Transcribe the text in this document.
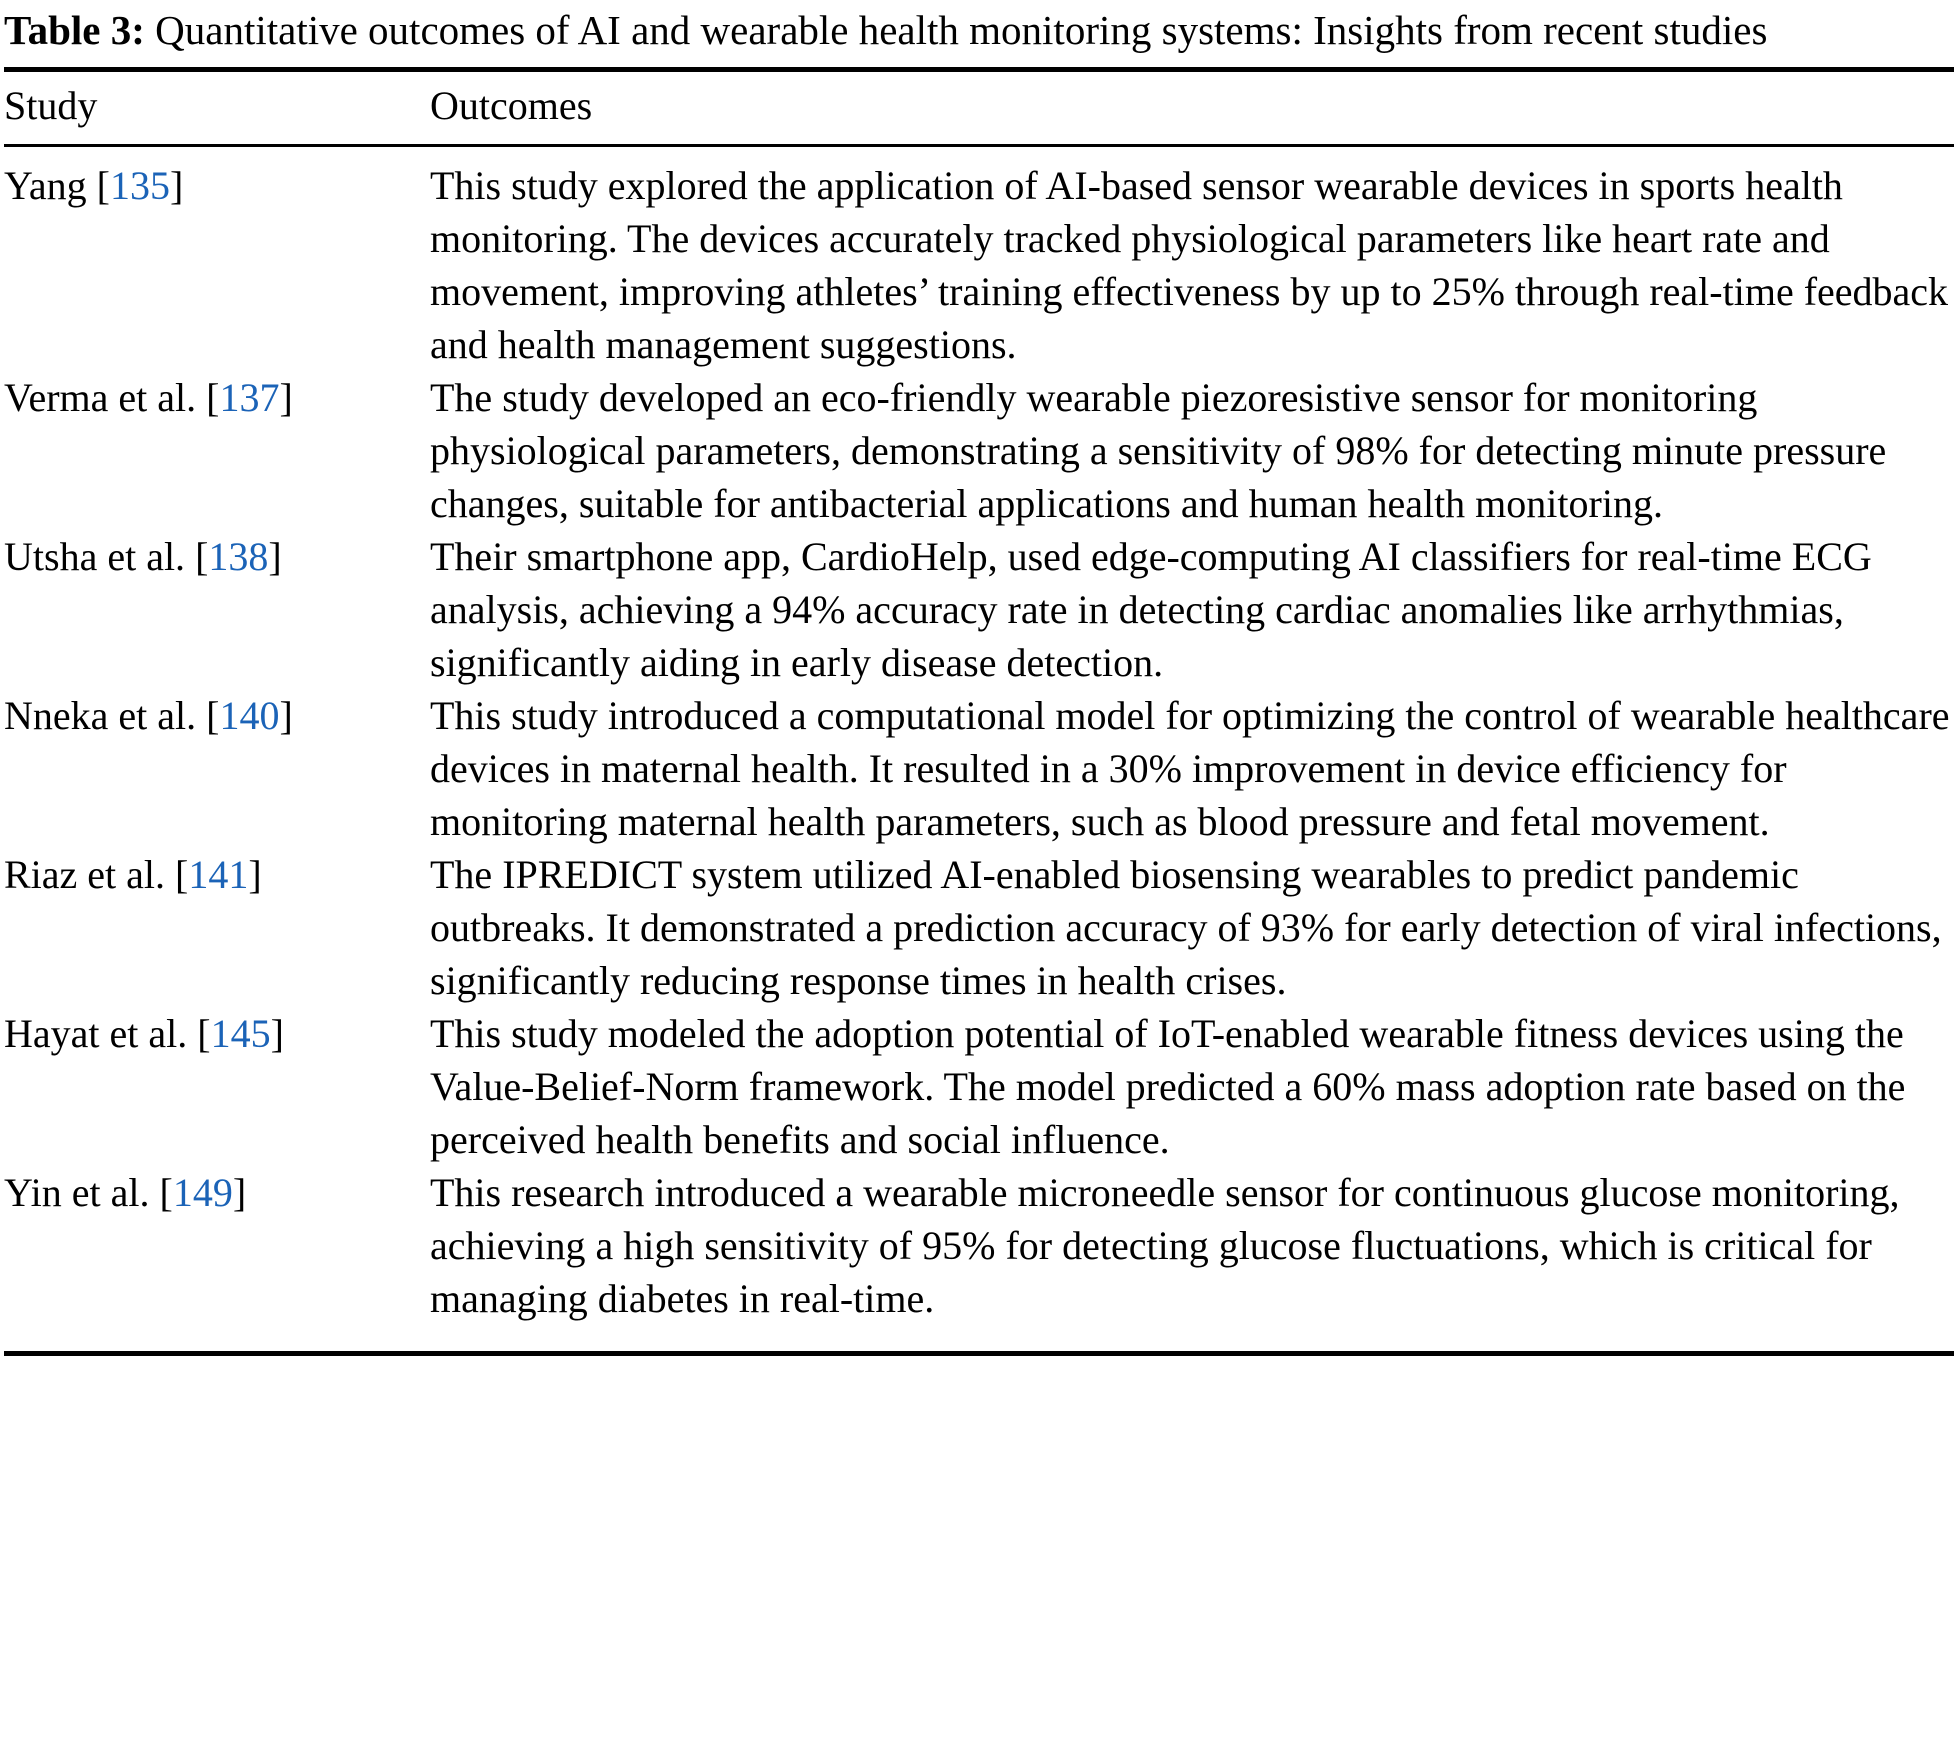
Table 3: Quantitative outcomes of AI and wearable health monitoring systems: Insights from recent studies

Study	Outcomes
Yang [135]	This study explored the application of AI-based sensor wearable devices in sports health monitoring. The devices accurately tracked physiological parameters like heart rate and movement, improving athletes’ training effectiveness by up to 25% through real-time feedback and health management suggestions.
Verma et al. [137]	The study developed an eco-friendly wearable piezoresistive sensor for monitoring physiological parameters, demonstrating a sensitivity of 98% for detecting minute pressure changes, suitable for antibacterial applications and human health monitoring.
Utsha et al. [138]	Their smartphone app, CardioHelp, used edge-computing AI classifiers for real-time ECG analysis, achieving a 94% accuracy rate in detecting cardiac anomalies like arrhythmias, significantly aiding in early disease detection.
Nneka et al. [140]	This study introduced a computational model for optimizing the control of wearable healthcare devices in maternal health. It resulted in a 30% improvement in device efficiency for monitoring maternal health parameters, such as blood pressure and fetal movement.
Riaz et al. [141]	The IPREDICT system utilized AI-enabled biosensing wearables to predict pandemic outbreaks. It demonstrated a prediction accuracy of 93% for early detection of viral infections, significantly reducing response times in health crises.
Hayat et al. [145]	This study modeled the adoption potential of IoT-enabled wearable fitness devices using the Value-Belief-Norm framework. The model predicted a 60% mass adoption rate based on the perceived health benefits and social influence.
Yin et al. [149]	This research introduced a wearable microneedle sensor for continuous glucose monitoring, achieving a high sensitivity of 95% for detecting glucose fluctuations, which is critical for managing diabetes in real-time.
